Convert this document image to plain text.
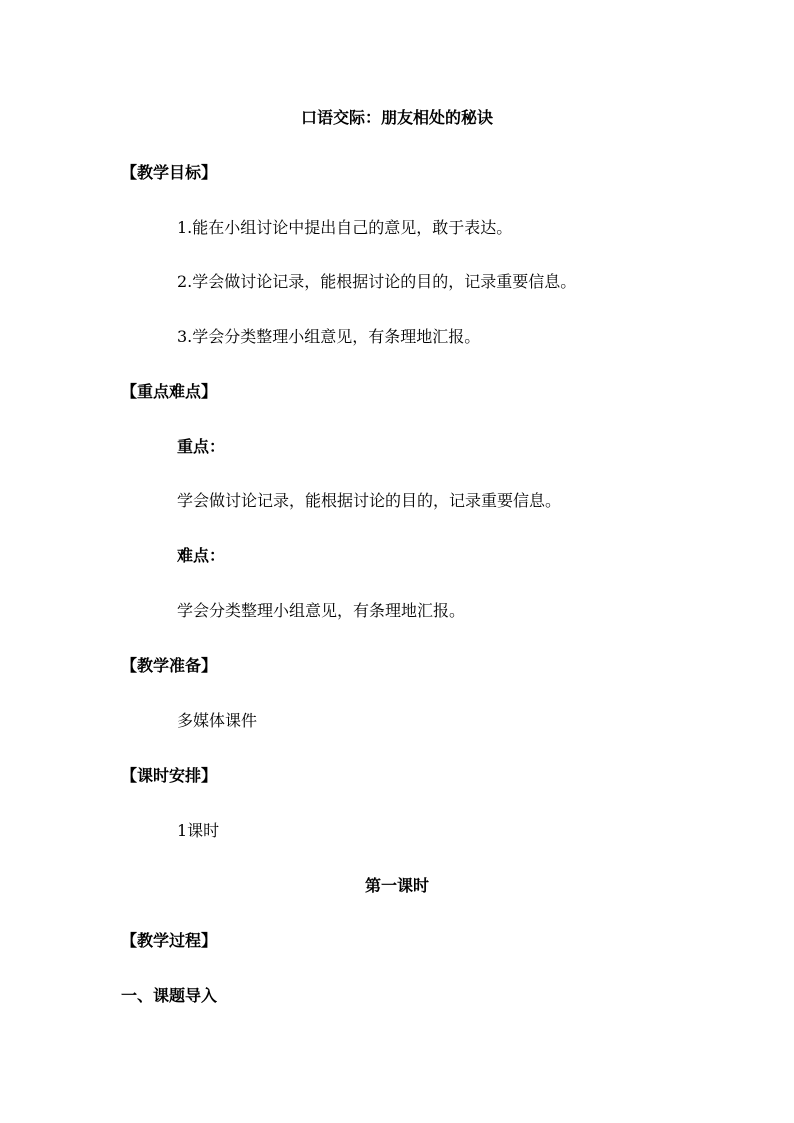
口语交际：朋友相处的秘诀
【教学目标】
1.能在小组讨论中提出自己的意见，敢于表达。
2.学会做讨论记录，能根据讨论的目的，记录重要信息。
3.学会分类整理小组意见，有条理地汇报。
【重点难点】
重点：
学会做讨论记录，能根据讨论的目的，记录重要信息。
难点：
学会分类整理小组意见，有条理地汇报。
【教学准备】
多媒体课件
【课时安排】
1课时
第一课时
【教学过程】
一、课题导入
